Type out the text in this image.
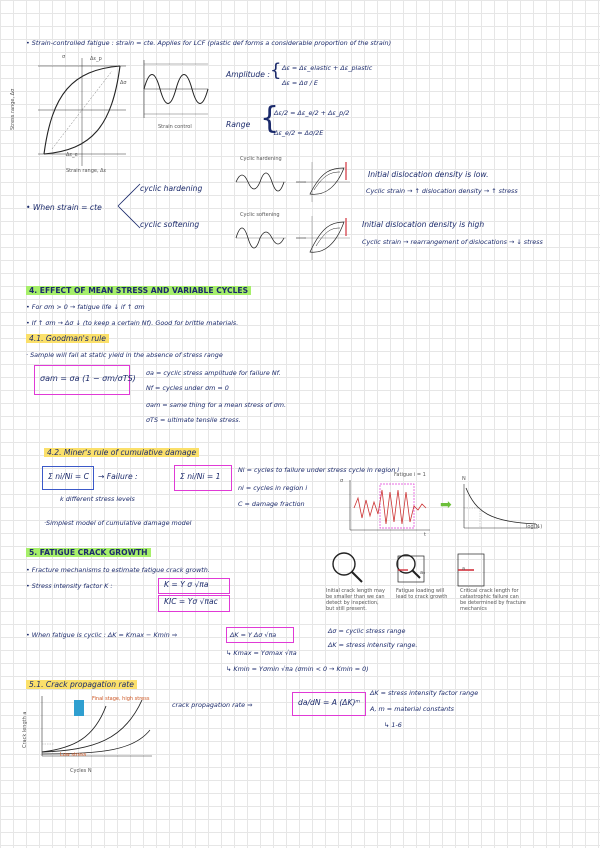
• Strain-controlled fatigue : strain = cte. Applies for LCF (plastic def forms a considerable proportion of the strain)
σ	Δε_p
Δσ
Δε_e
Stress range, Δσ
Strain range, Δε
Strain control
Amplitude : { Δε = Δε_elastic + Δε_plastic
Δε = Δσ / E
Range {
Δε/2 = Δε_e/2 + Δε_p/2
Δε_e/2 = Δσ/2E
• When strain = cte
cyclic hardening
cyclic softening
Cyclic hardening
Cyclic softening
Initial dislocation density is low.
Cyclic strain → ↑ dislocation density → ↑ stress
Initial dislocation density is high
Cyclic strain → rearrangement of dislocations → ↓ stress
4. EFFECT OF MEAN STRESS AND VARIABLE CYCLES
• For σm > 0 → fatigue life ↓ if ↑ σm
• If ↑ σm → Δσ ↓ (to keep a certain Nf). Good for brittle materials.
4.1. Goodman's rule
· Sample will fail at static yield in the absence of stress range
σam = σa (1 − σm/σTS)
σa = cyclic stress amplitude for failure Nf.
Nf = cycles under σm = 0
σam = same thing for a mean stress of σm.
σTS = ultimate tensile stress.
4.2. Miner's rule of cumulative damage
Σ ni/Ni = C → Failure :	Σ ni/Ni = 1
k different stress levels
Ni = cycles to failure under stress cycle in region i
ni = cycles in region i
C = damage fraction
·Simplest model of cumulative damage model
σ
t
Fatigue i = 1
➡
log(Nᵢ)
N
5. FATIGUE CRACK GROWTH
• Fracture mechanisms to estimate fatigue crack growth.
• Stress intensity factor K :	K = Y σ √πa
KIC = Yσ √πac
a₀
a
Initial crack length may be smaller than we can detect by inspection, but still present.
Fatigue loading will lead to crack growth
Critical crack length for catastrophic failure can be determined by fracture mechanics
• When fatigue is cyclic : ΔK = Kmax − Kmin ⇒	ΔK = Y Δσ √πa
↳ Kmax = Yσmax √πa
↳ Kmin = Yσmin √πa (σmin < 0 → Kmin = 0)
Δσ = cyclic stress range
ΔK = stress intensity range.
5.1. Crack propagation rate
Final stage, high stress
Low stress
Crack length a
Cycles N
crack propagation rate ⇒	da/dN = A (ΔK)ᵐ
ΔK = stress intensity factor range
A, m = material constants
↳ 1-6
